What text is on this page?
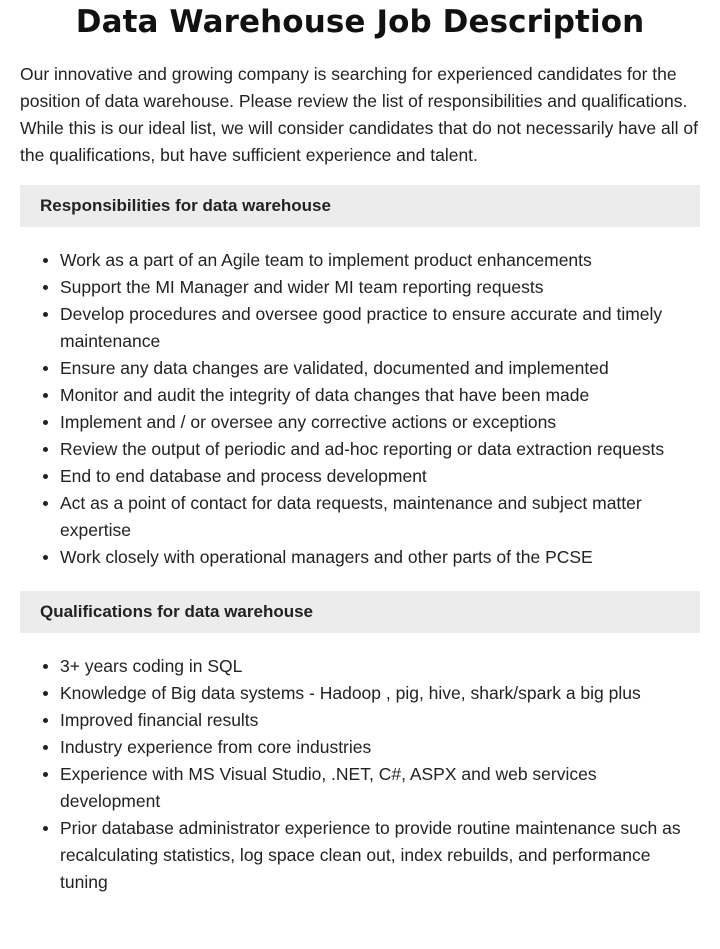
Data Warehouse Job Description

Our innovative and growing company is searching for experienced candidates for the position of data warehouse. Please review the list of responsibilities and qualifications. While this is our ideal list, we will consider candidates that do not necessarily have all of the qualifications, but have sufficient experience and talent.

Responsibilities for data warehouse
Work as a part of an Agile team to implement product enhancements
Support the MI Manager and wider MI team reporting requests
Develop procedures and oversee good practice to ensure accurate and timely maintenance
Ensure any data changes are validated, documented and implemented
Monitor and audit the integrity of data changes that have been made
Implement and / or oversee any corrective actions or exceptions
Review the output of periodic and ad-hoc reporting or data extraction requests
End to end database and process development
Act as a point of contact for data requests, maintenance and subject matter expertise
Work closely with operational managers and other parts of the PCSE
Qualifications for data warehouse
3+ years coding in SQL
Knowledge of Big data systems - Hadoop , pig, hive, shark/spark a big plus
Improved financial results
Industry experience from core industries
Experience with MS Visual Studio, .NET, C#, ASPX and web services development
Prior database administrator experience to provide routine maintenance such as recalculating statistics, log space clean out, index rebuilds, and performance tuning
